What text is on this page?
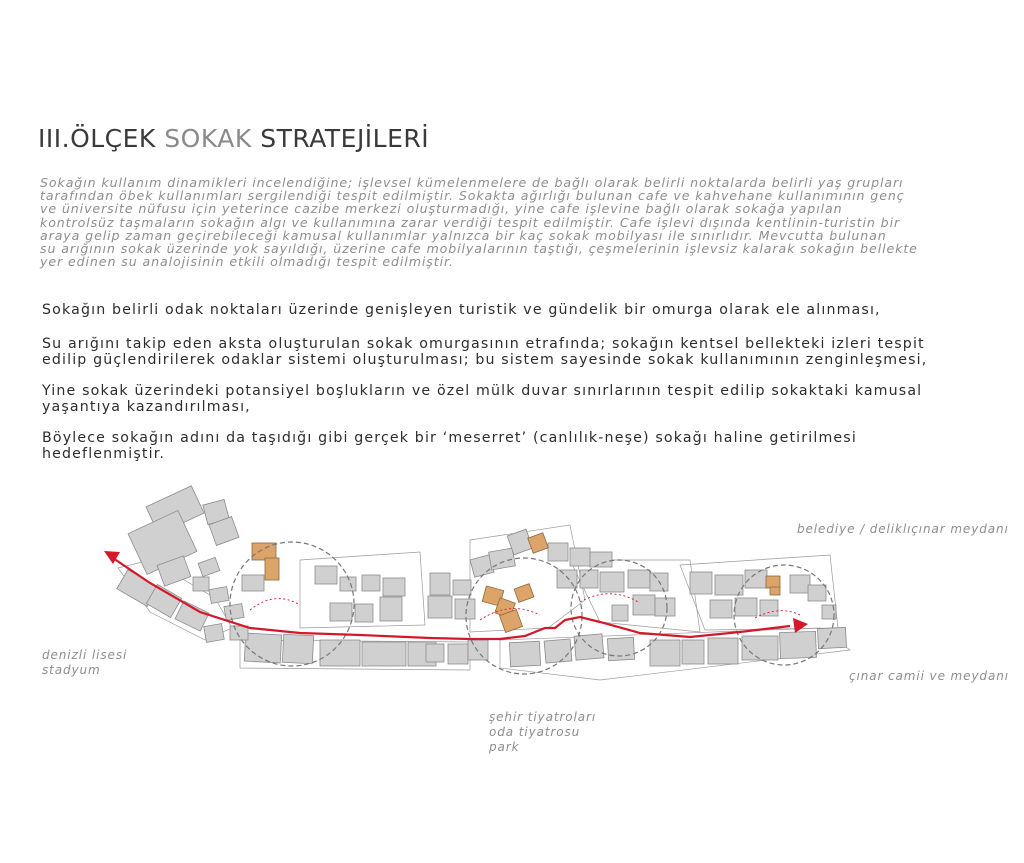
III.ÖLÇEK SOKAK STRATEJİLERİ

Sokağın kullanım dinamikleri incelendiğine; işlevsel kümelenmelere de bağlı olarak belirli noktalarda belirli yaş grupları
tarafından öbek kullanımları sergilendiği tespit edilmiştir. Sokakta ağırlığı bulunan cafe ve kahvehane kullanımının genç
ve üniversite nüfusu için yeterince cazibe merkezi oluşturmadığı, yine cafe işlevine bağlı olarak sokağa yapılan
kontrolsüz taşmaların sokağın algı ve kullanımına zarar verdiği tespit edilmiştir. Cafe işlevi dışında kentlinin-turistin bir
araya gelip zaman geçirebileceği kamusal kullanımlar yalnızca bir kaç sokak mobilyası ile sınırlıdır. Mevcutta bulunan
su arığının sokak üzerinde yok sayıldığı, üzerine cafe mobilyalarının taştığı, çeşmelerinin işlevsiz kalarak sokağın bellekte
yer edinen su analojisinin etkili olmadığı tespit edilmiştir.

Sokağın belirli odak noktaları üzerinde genişleyen turistik ve gündelik bir omurga olarak ele alınması,

Su arığını takip eden aksta oluşturulan sokak omurgasının etrafında; sokağın kentsel bellekteki izleri tespit
edilip güçlendirilerek odaklar sistemi oluşturulması; bu sistem sayesinde sokak kullanımının zenginleşmesi,

Yine sokak üzerindeki potansiyel boşlukların ve özel mülk duvar sınırlarının tespit edilip sokaktaki kamusal
yaşantıya kazandırılması,

Böylece sokağın adını da taşıdığı gibi gerçek bir ‘meserret’ (canlılık-neşe) sokağı haline getirilmesi
hedeflenmiştir.

denizli lisesi
stadyum

şehir tiyatroları
oda tiyatrosu
park

belediye / deliklıçınar meydanı

çınar camii ve meydanı
